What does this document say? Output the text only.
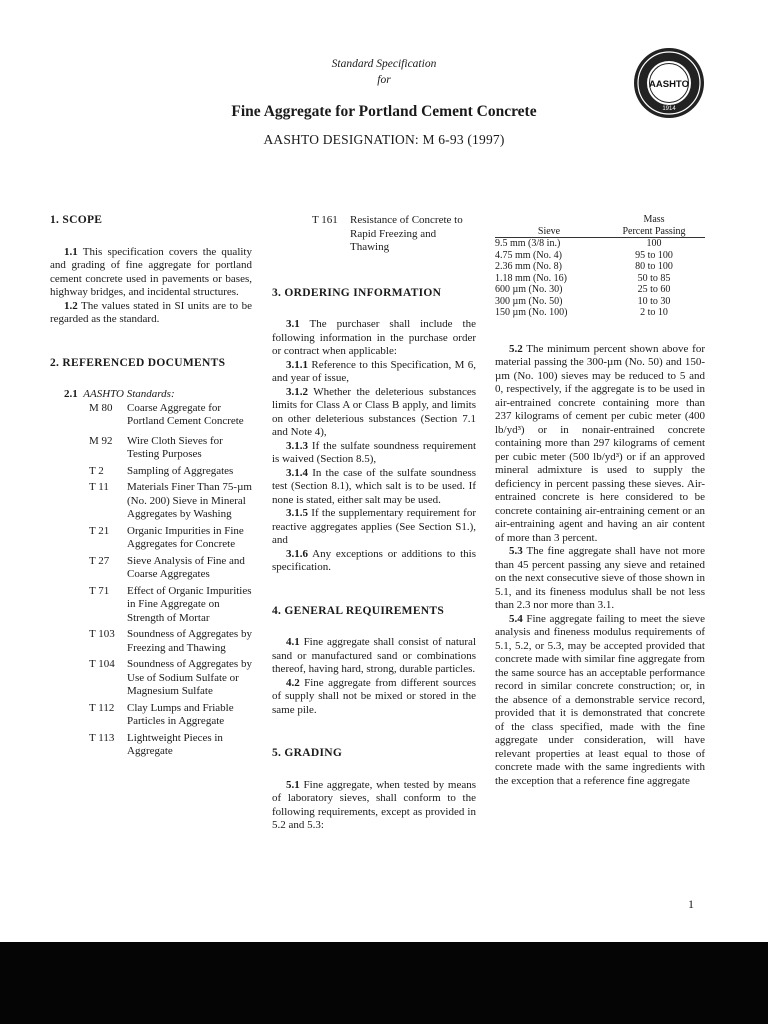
Standard Specification
for
Fine Aggregate for Portland Cement Concrete
AASHTO DESIGNATION: M 6-93 (1997)
AASHTO
1914
1. SCOPE
1.1 This specification covers the quality and grading of fine aggregate for portland cement concrete used in pavements or bases, highway bridges, and incidental structures.
1.2 The values stated in SI units are to be regarded as the standard.
2. REFERENCED DOCUMENTS
2.1 AASHTO Standards:
M 80	Coarse Aggregate for Portland Cement Concrete
M 92	Wire Cloth Sieves for Testing Purposes
T 2	Sampling of Aggregates
T 11	Materials Finer Than 75-µm (No. 200) Sieve in Mineral Aggregates by Washing
T 21	Organic Impurities in Fine Aggregates for Concrete
T 27	Sieve Analysis of Fine and Coarse Aggregates
T 71	Effect of Organic Impurities in Fine Aggregate on Strength of Mortar
T 103	Soundness of Aggregates by Freezing and Thawing
T 104	Soundness of Aggregates by Use of Sodium Sulfate or Magnesium Sulfate
T 112	Clay Lumps and Friable Particles in Aggregate
T 113	Lightweight Pieces in Aggregate
T 161	Resistance of Concrete to Rapid Freezing and Thawing
3. ORDERING INFORMATION
3.1 The purchaser shall include the following information in the purchase order or contract when applicable:
3.1.1 Reference to this Specification, M 6, and year of issue,
3.1.2 Whether the deleterious substances limits for Class A or Class B apply, and limits on other deleterious substances (Section 7.1 and Note 4),
3.1.3 If the sulfate soundness requirement is waived (Section 8.5),
3.1.4 In the case of the sulfate soundness test (Section 8.1), which salt is to be used. If none is stated, either salt may be used.
3.1.5 If the supplementary requirement for reactive aggregates applies (See Section S1.), and
3.1.6 Any exceptions or additions to this specification.
4. GENERAL REQUIREMENTS
4.1 Fine aggregate shall consist of natural sand or manufactured sand or combinations thereof, having hard, strong, durable particles.
4.2 Fine aggregate from different sources of supply shall not be mixed or stored in the same pile.
5. GRADING
5.1 Fine aggregate, when tested by means of laboratory sieves, shall conform to the following requirements, except as provided in 5.2 and 5.3:
	Mass
Sieve	Percent Passing
9.5 mm (3/8 in.)	100
4.75 mm (No. 4)	95 to 100
2.36 mm (No. 8)	80 to 100
1.18 mm (No. 16)	50 to 85
600 µm (No. 30)	25 to 60
300 µm (No. 50)	10 to 30
150 µm (No. 100)	2 to 10
5.2 The minimum percent shown above for material passing the 300-µm (No. 50) and 150-µm (No. 100) sieves may be reduced to 5 and 0, respectively, if the aggregate is to be used in air-entrained concrete containing more than 237 kilograms of cement per cubic meter (400 lb/yd³) or in nonair-entrained concrete containing more than 297 kilograms of cement per cubic meter (500 lb/yd³) or if an approved mineral admixture is used to supply the deficiency in percent passing these sieves. Air-entrained concrete is here considered to be concrete containing air-entraining cement or an air-entraining agent and having an air content of more than 3 percent.
5.3 The fine aggregate shall have not more than 45 percent passing any sieve and retained on the next consecutive sieve of those shown in 5.1, and its fineness modulus shall be not less than 2.3 nor more than 3.1.
5.4 Fine aggregate failing to meet the sieve analysis and fineness modulus requirements of 5.1, 5.2, or 5.3, may be accepted provided that concrete made with similar fine aggregate from the same source has an acceptable performance record in similar concrete construction; or, in the absence of a demonstrable service record, provided that it is demonstrated that concrete of the class specified, made with the fine aggregate under consideration, will have relevant properties at least equal to those of concrete made with the same ingredients with the exception that a reference fine aggregate
1
